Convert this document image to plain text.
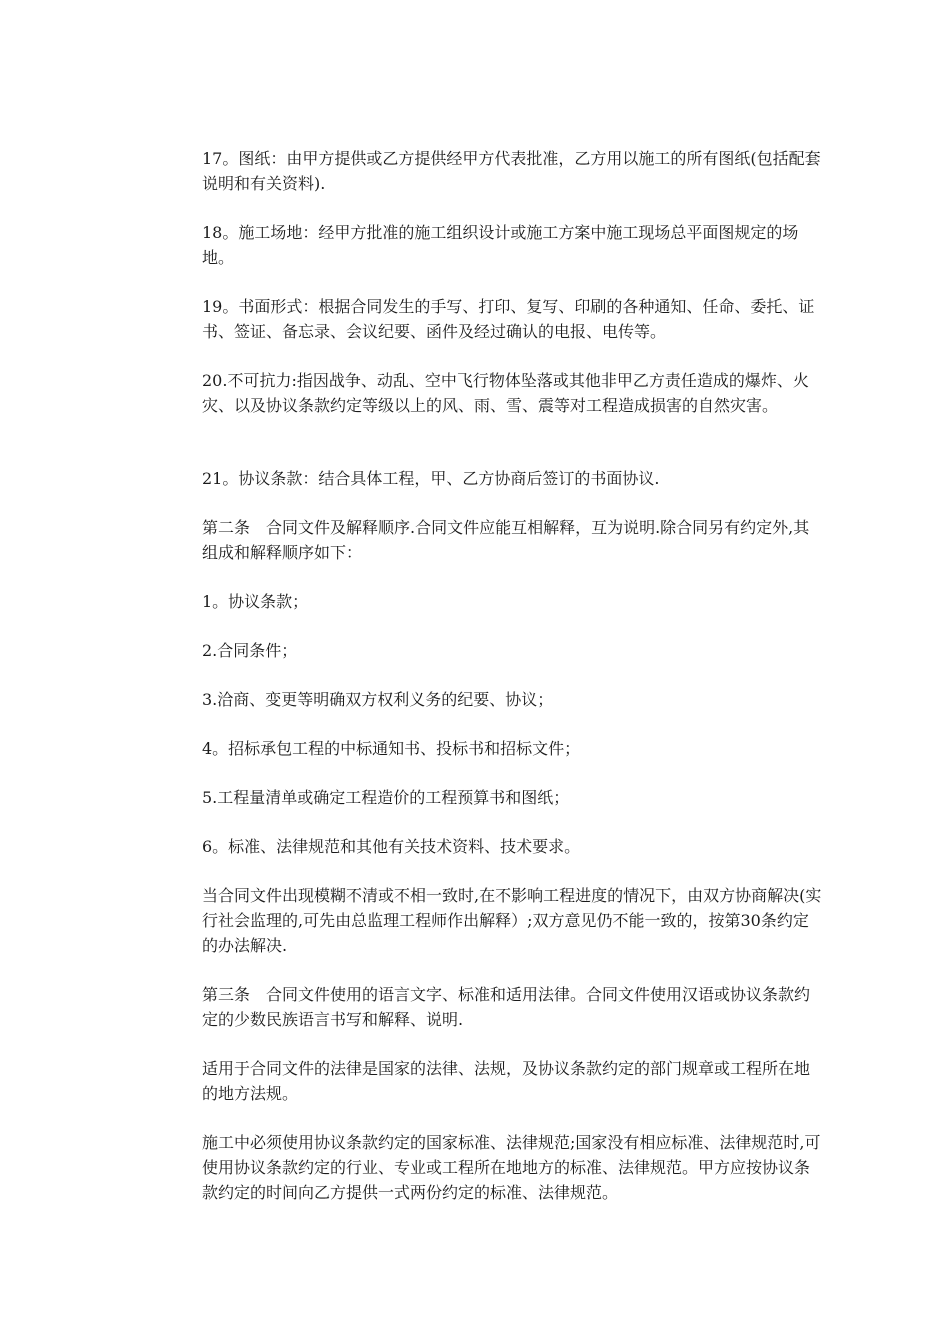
17。图纸：由甲方提供或乙方提供经甲方代表批准，乙方用以施工的所有图纸(包括配套说明和有关资料).

18。施工场地：经甲方批准的施工组织设计或施工方案中施工现场总平面图规定的场地。

19。书面形式：根据合同发生的手写、打印、复写、印刷的各种通知、任命、委托、证书、签证、备忘录、会议纪要、函件及经过确认的电报、电传等。

20.不可抗力:指因战争、动乱、空中飞行物体坠落或其他非甲乙方责任造成的爆炸、火灾、以及协议条款约定等级以上的风、雨、雪、震等对工程造成损害的自然灾害。

21。协议条款：结合具体工程，甲、乙方协商后签订的书面协议.

第二条　合同文件及解释顺序.合同文件应能互相解释，互为说明.除合同另有约定外,其组成和解释顺序如下：

1。协议条款；

2.合同条件；

3.洽商、变更等明确双方权利义务的纪要、协议；

4。招标承包工程的中标通知书、投标书和招标文件；

5.工程量清单或确定工程造价的工程预算书和图纸；

6。标准、法律规范和其他有关技术资料、技术要求。

当合同文件出现模糊不清或不相一致时,在不影响工程进度的情况下，由双方协商解决(实行社会监理的,可先由总监理工程师作出解释）;双方意见仍不能一致的，按第30条约定的办法解决.

第三条　合同文件使用的语言文字、标准和适用法律。合同文件使用汉语或协议条款约定的少数民族语言书写和解释、说明.

适用于合同文件的法律是国家的法律、法规，及协议条款约定的部门规章或工程所在地的地方法规。

施工中必须使用协议条款约定的国家标准、法律规范;国家没有相应标准、法律规范时,可使用协议条款约定的行业、专业或工程所在地地方的标准、法律规范。甲方应按协议条款约定的时间向乙方提供一式两份约定的标准、法律规范。
